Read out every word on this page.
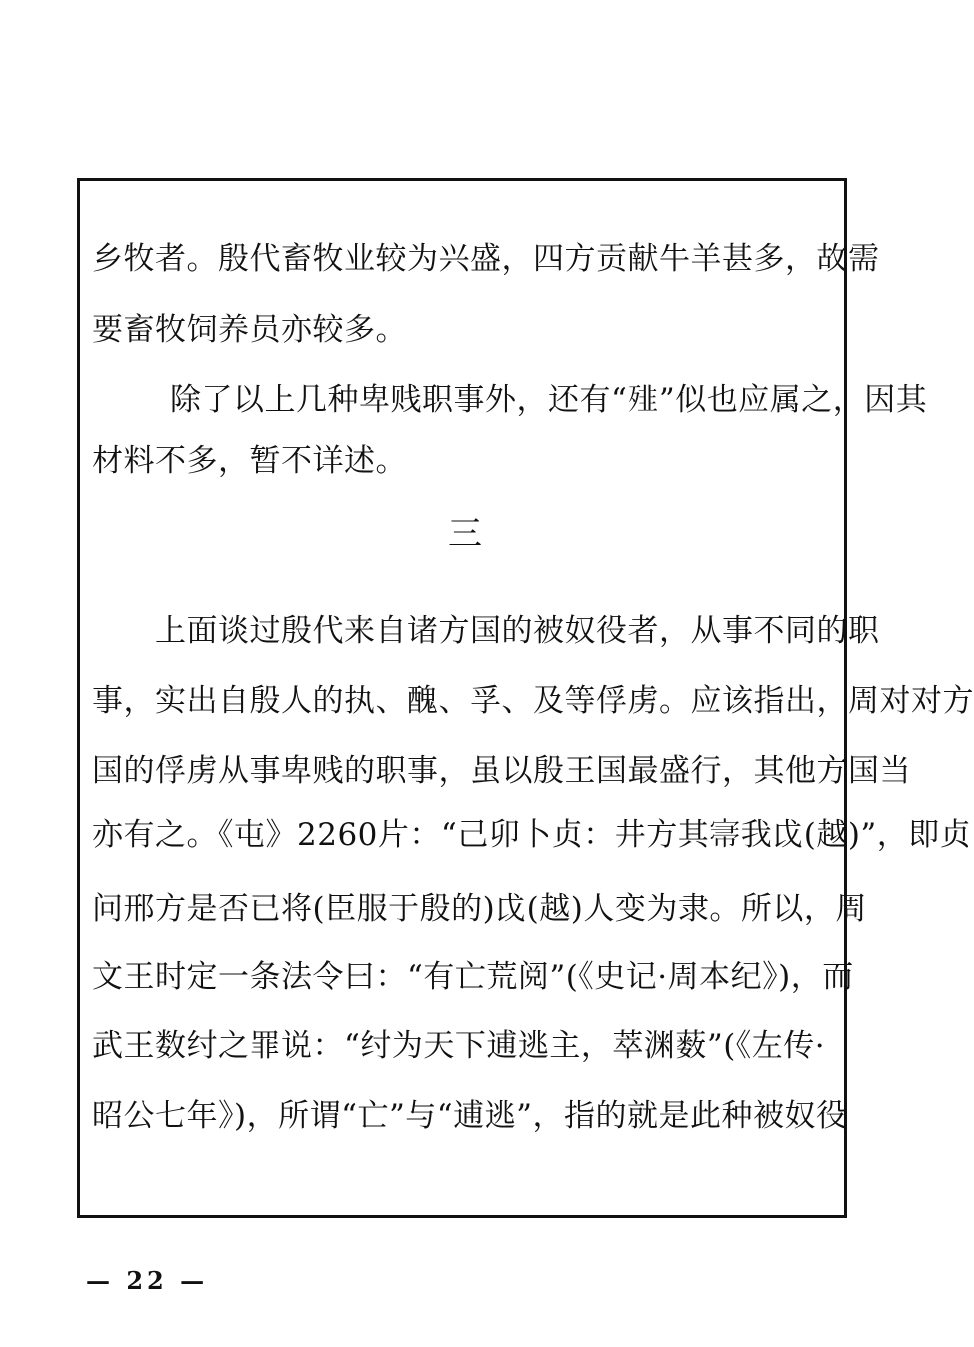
乡牧者。殷代畜牧业较为兴盛，四方贡献牛羊甚多，故需
要畜牧饲养员亦较多。
除了以上几种卑贱职事外，还有“𩐁”似也应属之，因其
材料不多，暂不详述。
三
上面谈过殷代来自诸方国的被奴役者，从事不同的职
事，实出自殷人的执、醜、孚、及等俘虏。应该指出，周对对方
国的俘虏从事卑贱的职事，虽以殷王国最盛行，其他方国当
亦有之。《屯》2260片：“己卯卜贞：井方其𡨦我戉(越)”，即贞
问邢方是否已将(臣服于殷的)戉(越)人变为隶。所以，周
文王时定一条法令曰：“有亡荒阅”(《史记·周本纪》)，而
武王数纣之罪说：“纣为天下逋逃主，萃渊薮”(《左传·
昭公七年》)，所谓“亡”与“逋逃”，指的就是此种被奴役
— 22 —
